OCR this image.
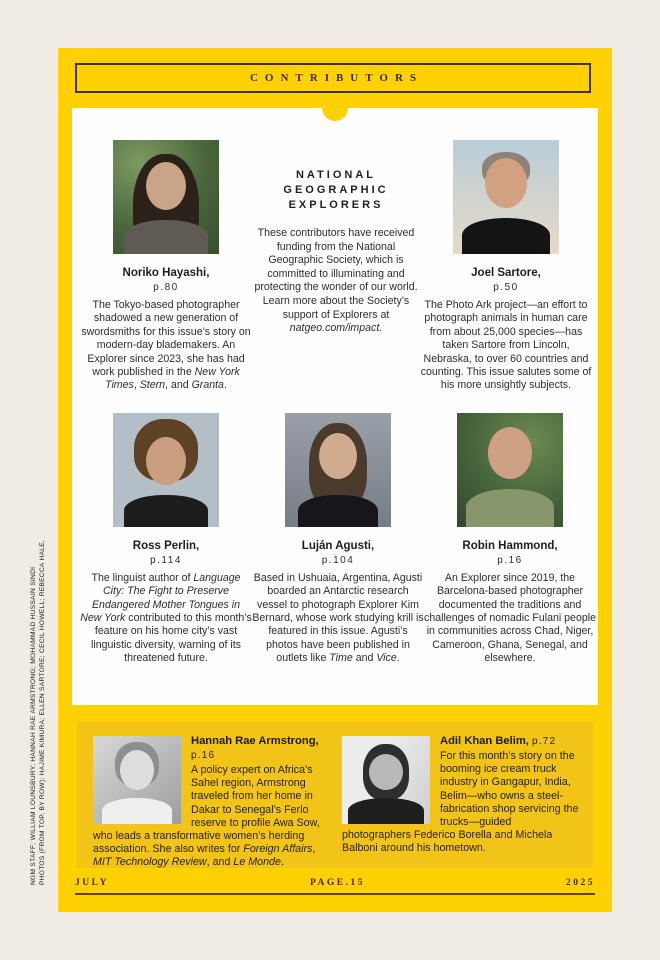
CONTRIBUTORS
Noriko Hayashi,
p.80
The Tokyo-based photographer shadowed a new generation of swordsmiths for this issue’s story on modern-day blademakers. An Explorer since 2023, she has had work published in the New York Times, Stern, and Granta.
NATIONAL
GEOGRAPHIC
EXPLORERS
These contributors have received funding from the National Geographic Society, which is committed to illuminating and protecting the wonder of our world. Learn more about the Society’s support of Explorers at natgeo.com/impact.
Joel Sartore,
p.50
The Photo Ark project—an effort to photograph animals in human care from about 25,000 species—has taken Sartore from Lincoln, Nebraska, to over 60 countries and counting. This issue salutes some of his more unsightly subjects.
Ross Perlin,
p.114
The linguist author of Language City: The Fight to Preserve Endangered Mother Tongues in New York contributed to this month’s feature on his home city’s vast linguistic diversity, warning of its threatened future.
Luján Agusti,
p.104
Based in Ushuaia, Argentina, Agusti boarded an Antarctic research vessel to photograph Explorer Kim Bernard, whose work studying krill is featured in this issue. Agusti’s photos have been published in outlets like Time and Vice.
Robin Hammond,
p.16
An Explorer since 2019, the Barcelona-based photographer documented the traditions and challenges of nomadic Fulani people in communities across Chad, Niger, Cameroon, Ghana, Senegal, and elsewhere.
Hannah Rae Armstrong, p.16
A policy expert on Africa’s Sahel region, Armstrong traveled from her home in Dakar to Senegal’s Ferlo reserve to profile Awa Sow, who leads a transformative women’s herding association. She also writes for Foreign Affairs, MIT Technology Review, and Le Monde.
Adil Khan Belim, p.72
For this month’s story on the booming ice cream truck industry in Gangapur, India, Belim—who owns a steel-fabrication shop servicing the trucks—guided photographers Federico Borella and Michela Balboni around his hometown.
JULY	PAGE.15	2025
NGM STAFF; WILLIAM LOUNSBURY; HANNAH RAE ARMSTRONG; MOHAMMAD HUSSAIN SINDI PHOTOS (FROM TOP, BY ROW): HAJIME KIMURA; ELLEN SARTORE; CECIL HOWELL; REBECCA HALE,
